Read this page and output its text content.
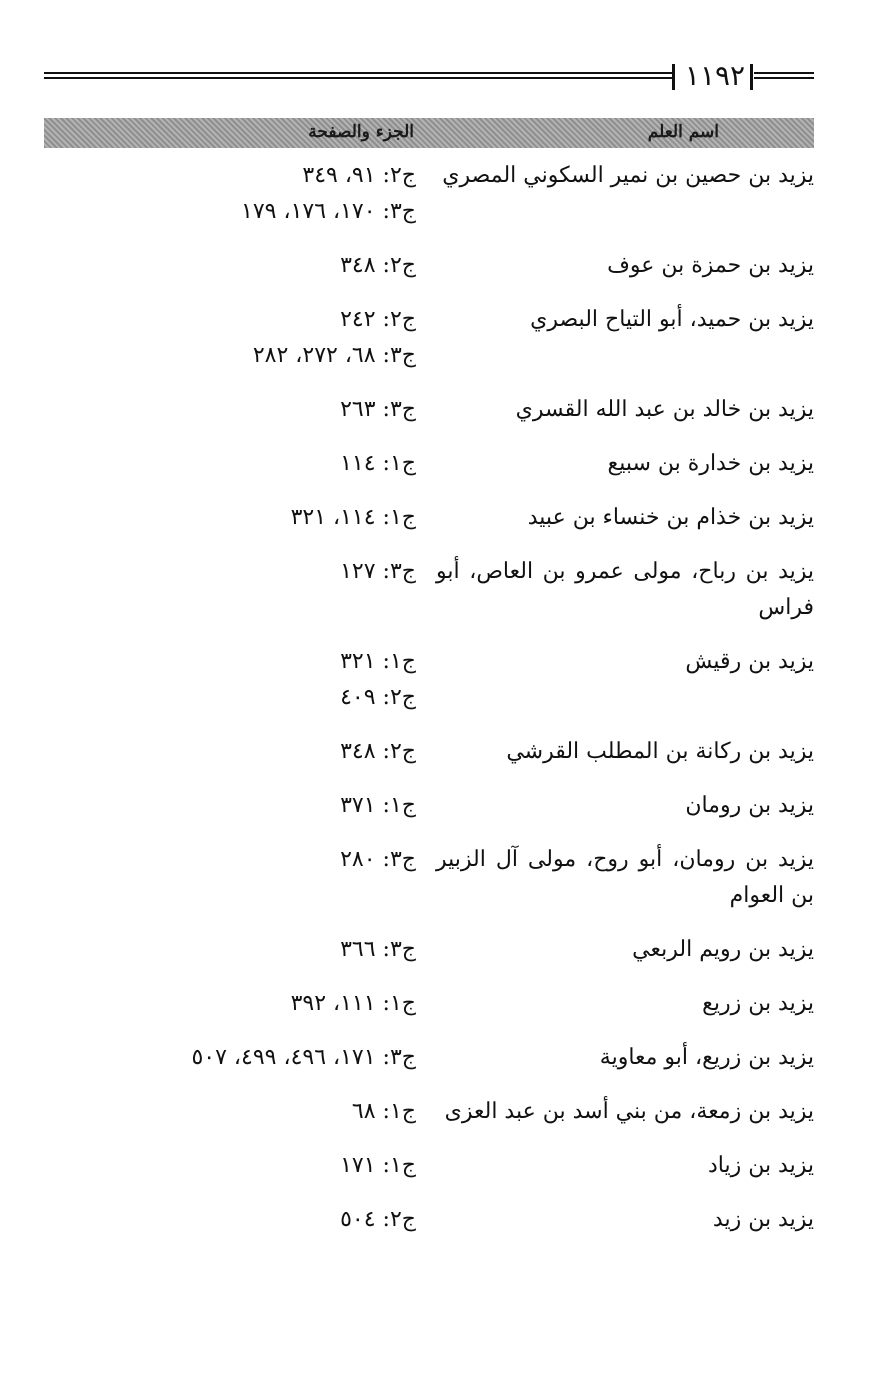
١١٩٢
اسم العلم
الجزء والصفحة
يزيد بن حصين بن نمير السكوني المصري
ج٢: ٩١، ٣٤٩
ج٣: ١٧٠، ١٧٦، ١٧٩
يزيد بن حمزة بن عوف
ج٢: ٣٤٨
يزيد بن حميد، أبو التياح البصري
ج٢: ٢٤٢
ج٣: ٦٨، ٢٧٢، ٢٨٢
يزيد بن خالد بن عبد الله القسري
ج٣: ٢٦٣
يزيد بن خدارة بن سبيع
ج١: ١١٤
يزيد بن خذام بن خنساء بن عبيد
ج١: ١١٤، ٣٢١
يزيد بن رباح، مولى عمرو بن العاص، أبو فراس
ج٣: ١٢٧
يزيد بن رقيش
ج١: ٣٢١
ج٢: ٤٠٩
يزيد بن ركانة بن المطلب القرشي
ج٢: ٣٤٨
يزيد بن رومان
ج١: ٣٧١
يزيد بن رومان، أبو روح، مولى آل الزبير بن العوام
ج٣: ٢٨٠
يزيد بن رويم الربعي
ج٣: ٣٦٦
يزيد بن زريع
ج١: ١١١، ٣٩٢
يزيد بن زريع، أبو معاوية
ج٣: ١٧١، ٤٩٦، ٤٩٩، ٥٠٧
يزيد بن زمعة، من بني أسد بن عبد العزى
ج١: ٦٨
يزيد بن زياد
ج١: ١٧١
يزيد بن زيد
ج٢: ٥٠٤
